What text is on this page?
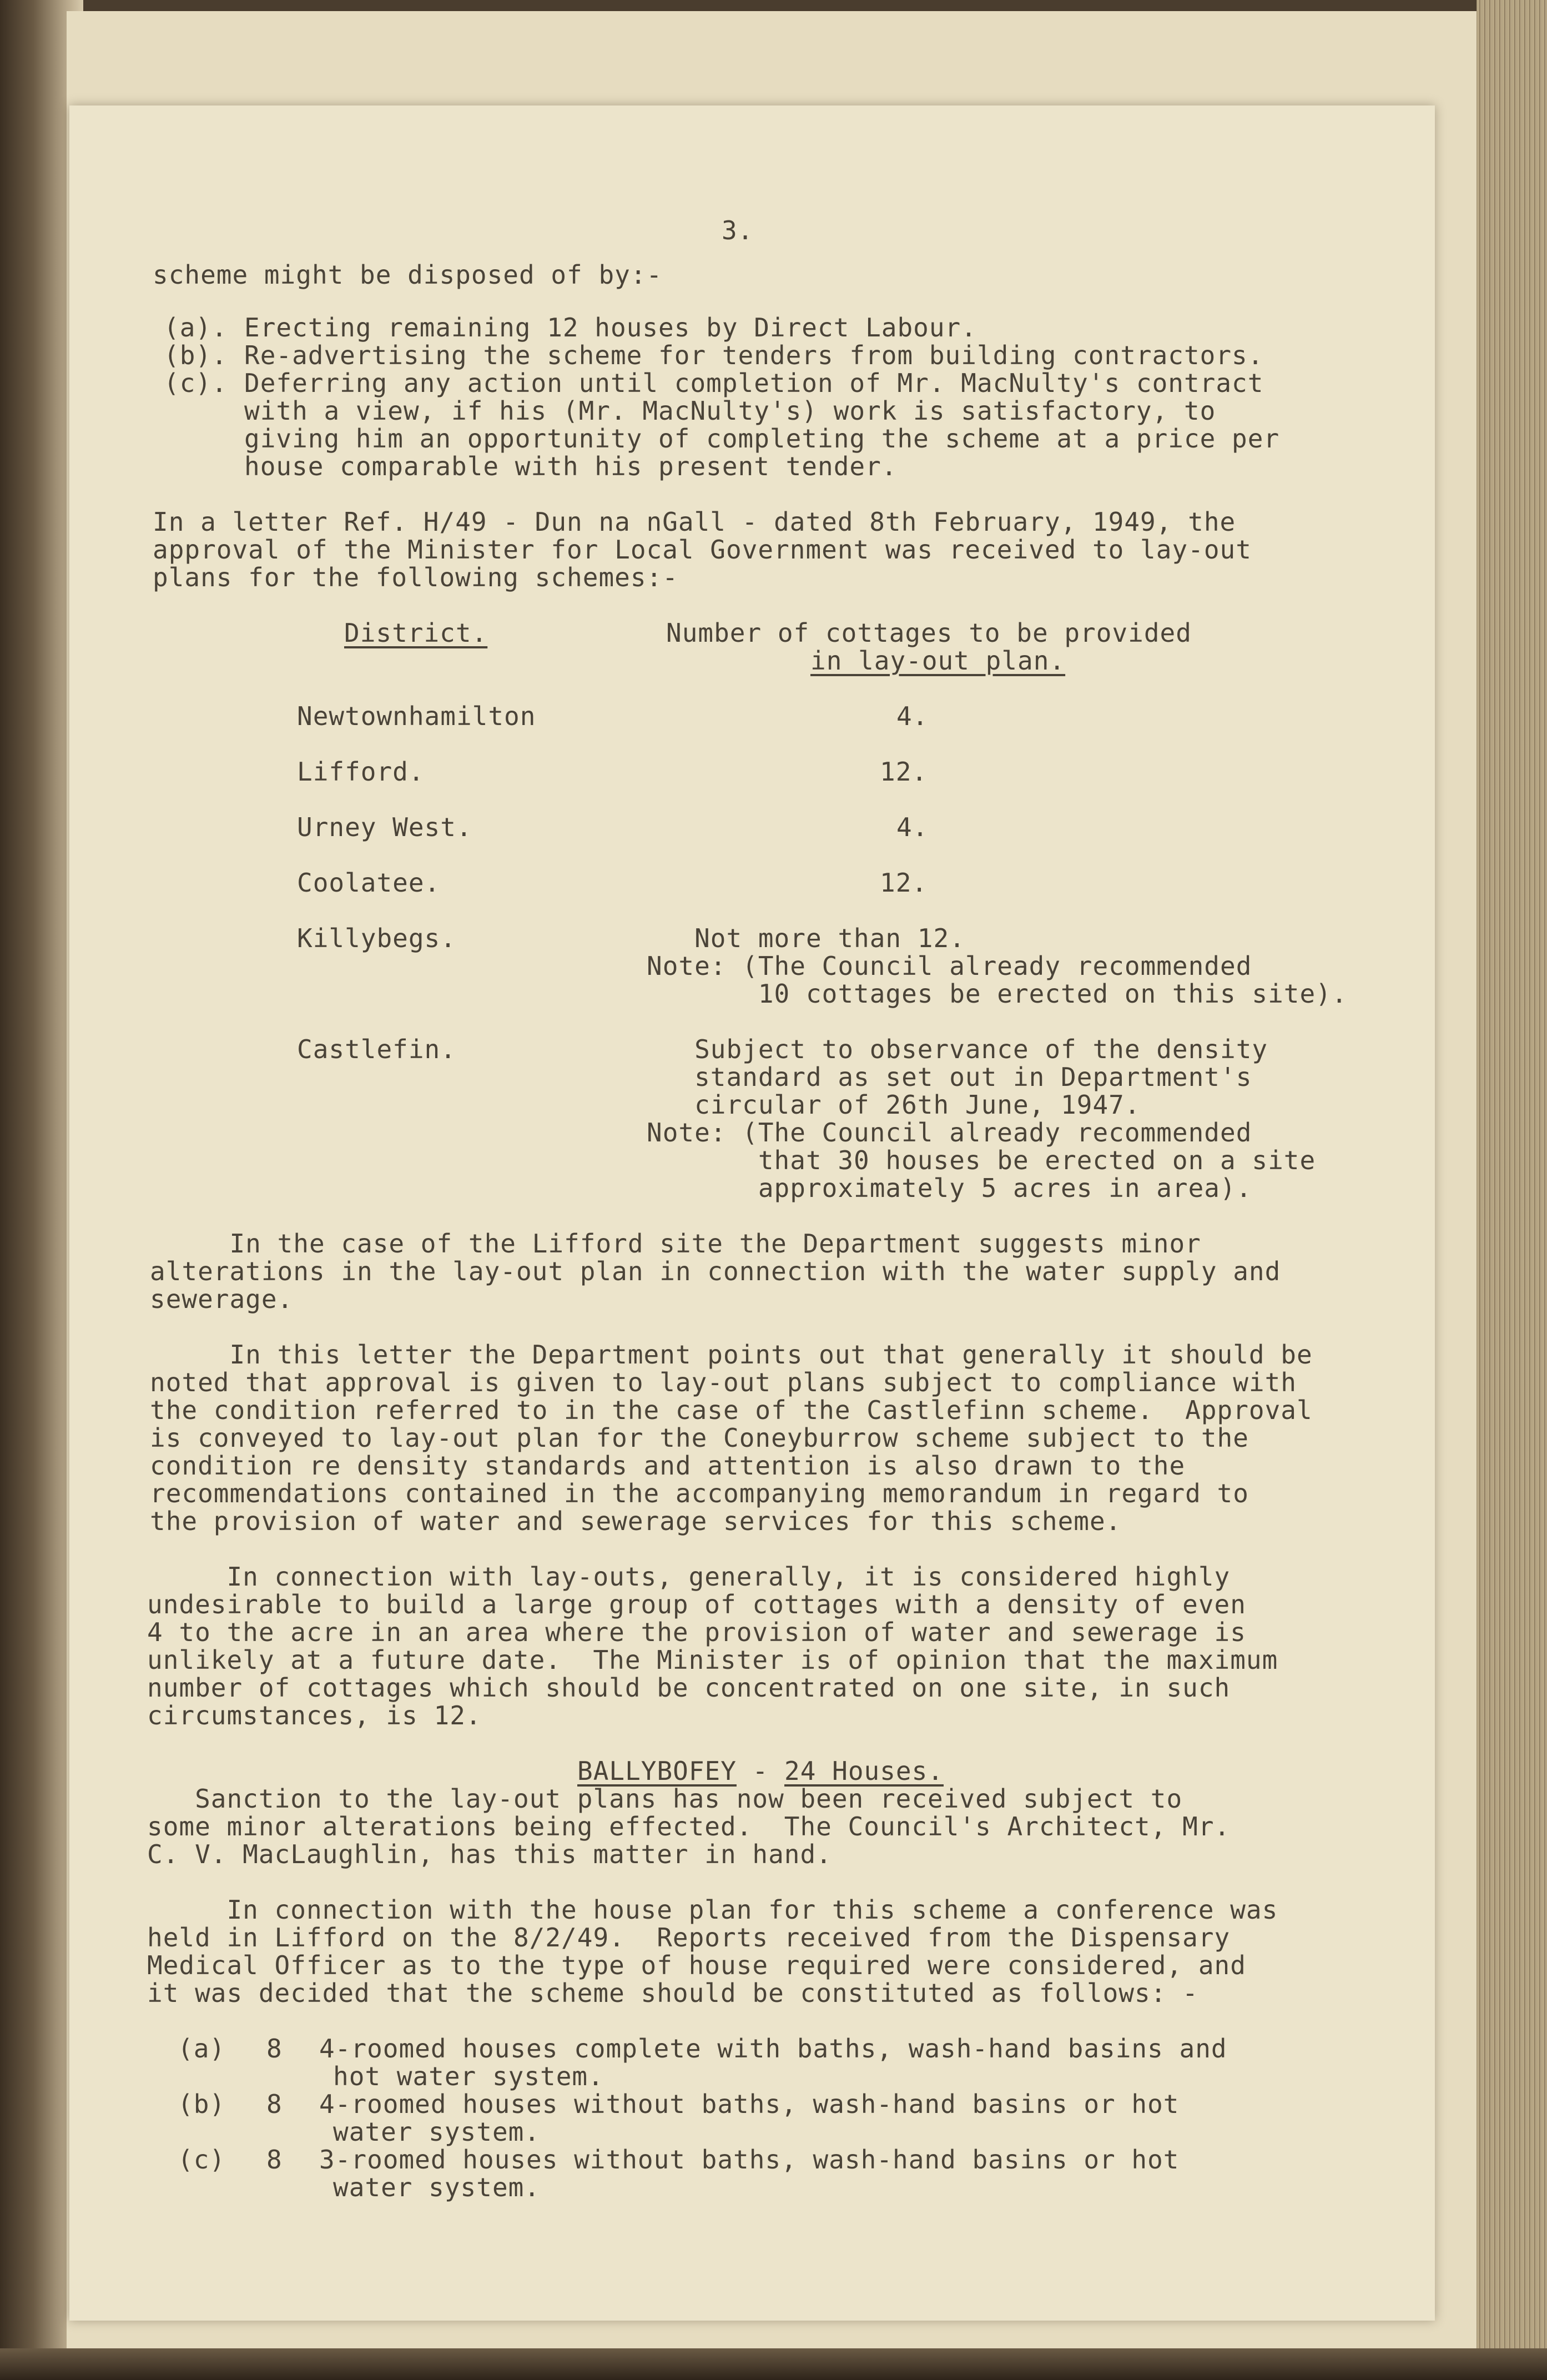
3.
scheme might be disposed of by:-
(a). Erecting remaining 12 houses by Direct Labour.
(b). Re-advertising the scheme for tenders from building contractors.
(c). Deferring any action until completion of Mr. MacNulty's contract
with a view, if his (Mr. MacNulty's) work is satisfactory, to
giving him an opportunity of completing the scheme at a price per
house comparable with his present tender.
In a letter Ref. H/49 - Dun na nGall - dated 8th February, 1949, the
approval of the Minister for Local Government was received to lay-out
plans for the following schemes:-
District.	Number of cottages to be provided
in lay-out plan.
Newtownhamilton	4.
Lifford.	12.
Urney West.	4.
Coolatee.	12.
Killybegs.	Not more than 12.
Note: (The Council already recommended
10 cottages be erected on this site).
Castlefin.	Subject to observance of the density
standard as set out in Department's
circular of 26th June, 1947.
Note: (The Council already recommended
that 30 houses be erected on a site
approximately 5 acres in area).
In the case of the Lifford site the Department suggests minor
alterations in the lay-out plan in connection with the water supply and
sewerage.
In this letter the Department points out that generally it should be
noted that approval is given to lay-out plans subject to compliance with
the condition referred to in the case of the Castlefinn scheme.  Approval
is conveyed to lay-out plan for the Coneyburrow scheme subject to the
condition re density standards and attention is also drawn to the
recommendations contained in the accompanying memorandum in regard to
the provision of water and sewerage services for this scheme.
In connection with lay-outs, generally, it is considered highly
undesirable to build a large group of cottages with a density of even
4 to the acre in an area where the provision of water and sewerage is
unlikely at a future date.  The Minister is of opinion that the maximum
number of cottages which should be concentrated on one site, in such
circumstances, is 12.
BALLYBOFEY - 24 Houses.
Sanction to the lay-out plans has now been received subject to
some minor alterations being effected.  The Council's Architect, Mr.
C. V. MacLaughlin, has this matter in hand.
In connection with the house plan for this scheme a conference was
held in Lifford on the 8/2/49.  Reports received from the Dispensary
Medical Officer as to the type of house required were considered, and
it was decided that the scheme should be constituted as follows: -
(a) 8 4-roomed houses complete with baths, wash-hand basins and
hot water system.
(b) 8 4-roomed houses without baths, wash-hand basins or hot
water system.
(c) 8 3-roomed houses without baths, wash-hand basins or hot
water system.
